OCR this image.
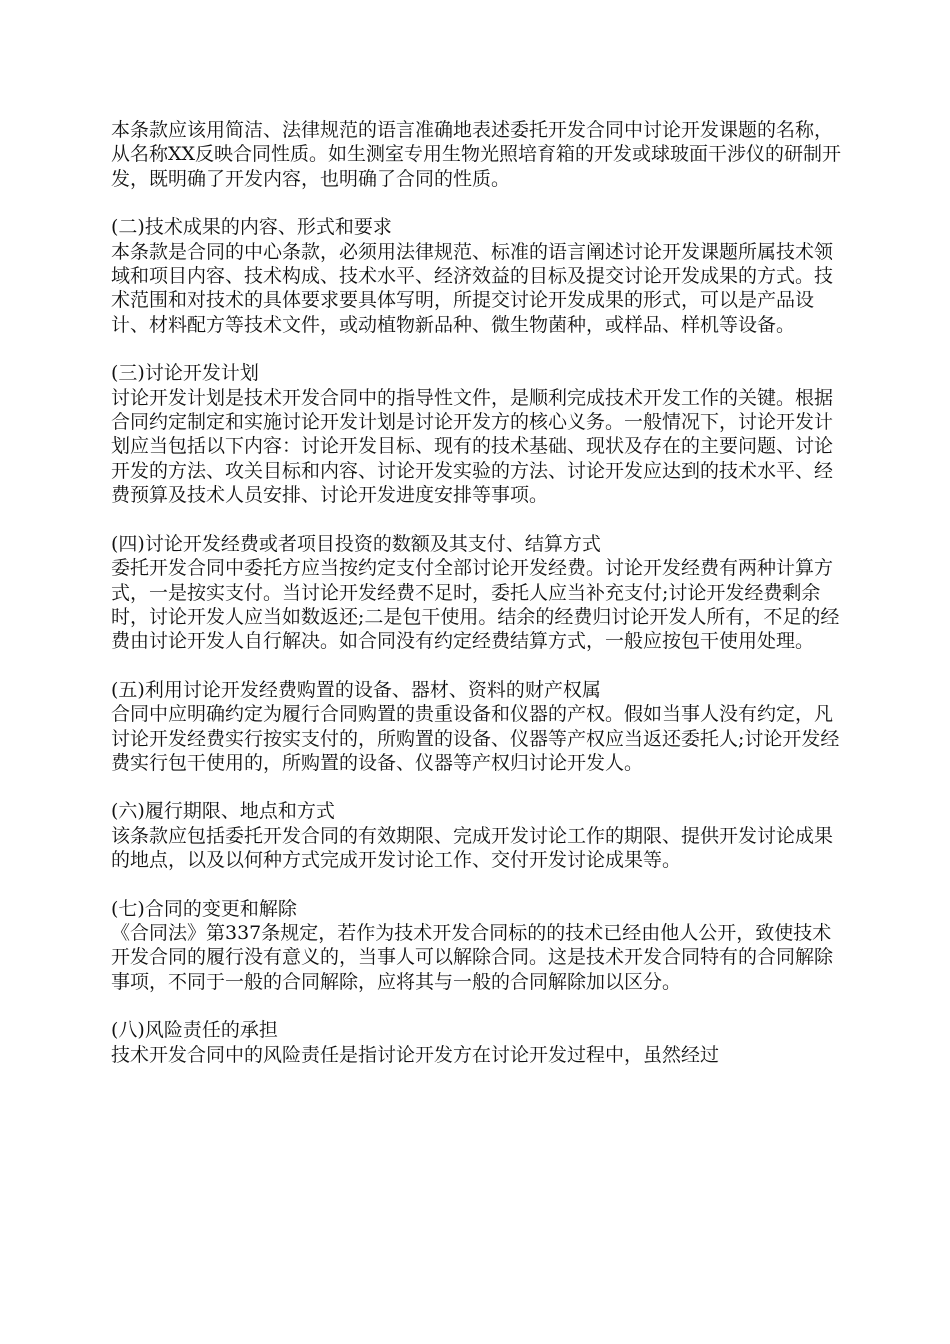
本条款应该用简洁、法律规范的语言准确地表述委托开发合同中讨论开发课题的名称，从名称XX反映合同性质。如生测室专用生物光照培育箱的开发或球玻面干涉仪的研制开发，既明确了开发内容，也明确了合同的性质。

(二)技术成果的内容、形式和要求

本条款是合同的中心条款，必须用法律规范、标准的语言阐述讨论开发课题所属技术领域和项目内容、技术构成、技术水平、经济效益的目标及提交讨论开发成果的方式。技术范围和对技术的具体要求要具体写明，所提交讨论开发成果的形式，可以是产品设计、材料配方等技术文件，或动植物新品种、微生物菌种，或样品、样机等设备。

(三)讨论开发计划

讨论开发计划是技术开发合同中的指导性文件，是顺利完成技术开发工作的关键。根据合同约定制定和实施讨论开发计划是讨论开发方的核心义务。一般情况下，讨论开发计划应当包括以下内容：讨论开发目标、现有的技术基础、现状及存在的主要问题、讨论开发的方法、攻关目标和内容、讨论开发实验的方法、讨论开发应达到的技术水平、经费预算及技术人员安排、讨论开发进度安排等事项。

(四)讨论开发经费或者项目投资的数额及其支付、结算方式

委托开发合同中委托方应当按约定支付全部讨论开发经费。讨论开发经费有两种计算方式，一是按实支付。当讨论开发经费不足时，委托人应当补充支付;讨论开发经费剩余时，讨论开发人应当如数返还;二是包干使用。结余的经费归讨论开发人所有，不足的经费由讨论开发人自行解决。如合同没有约定经费结算方式，一般应按包干使用处理。

(五)利用讨论开发经费购置的设备、器材、资料的财产权属

合同中应明确约定为履行合同购置的贵重设备和仪器的产权。假如当事人没有约定，凡讨论开发经费实行按实支付的，所购置的设备、仪器等产权应当返还委托人;讨论开发经费实行包干使用的，所购置的设备、仪器等产权归讨论开发人。

(六)履行期限、地点和方式

该条款应包括委托开发合同的有效期限、完成开发讨论工作的期限、提供开发讨论成果的地点，以及以何种方式完成开发讨论工作、交付开发讨论成果等。

(七)合同的变更和解除

《合同法》第337条规定，若作为技术开发合同标的的技术已经由他人公开，致使技术开发合同的履行没有意义的，当事人可以解除合同。这是技术开发合同特有的合同解除事项，不同于一般的合同解除，应将其与一般的合同解除加以区分。

(八)风险责任的承担

技术开发合同中的风险责任是指讨论开发方在讨论开发过程中，虽然经过
